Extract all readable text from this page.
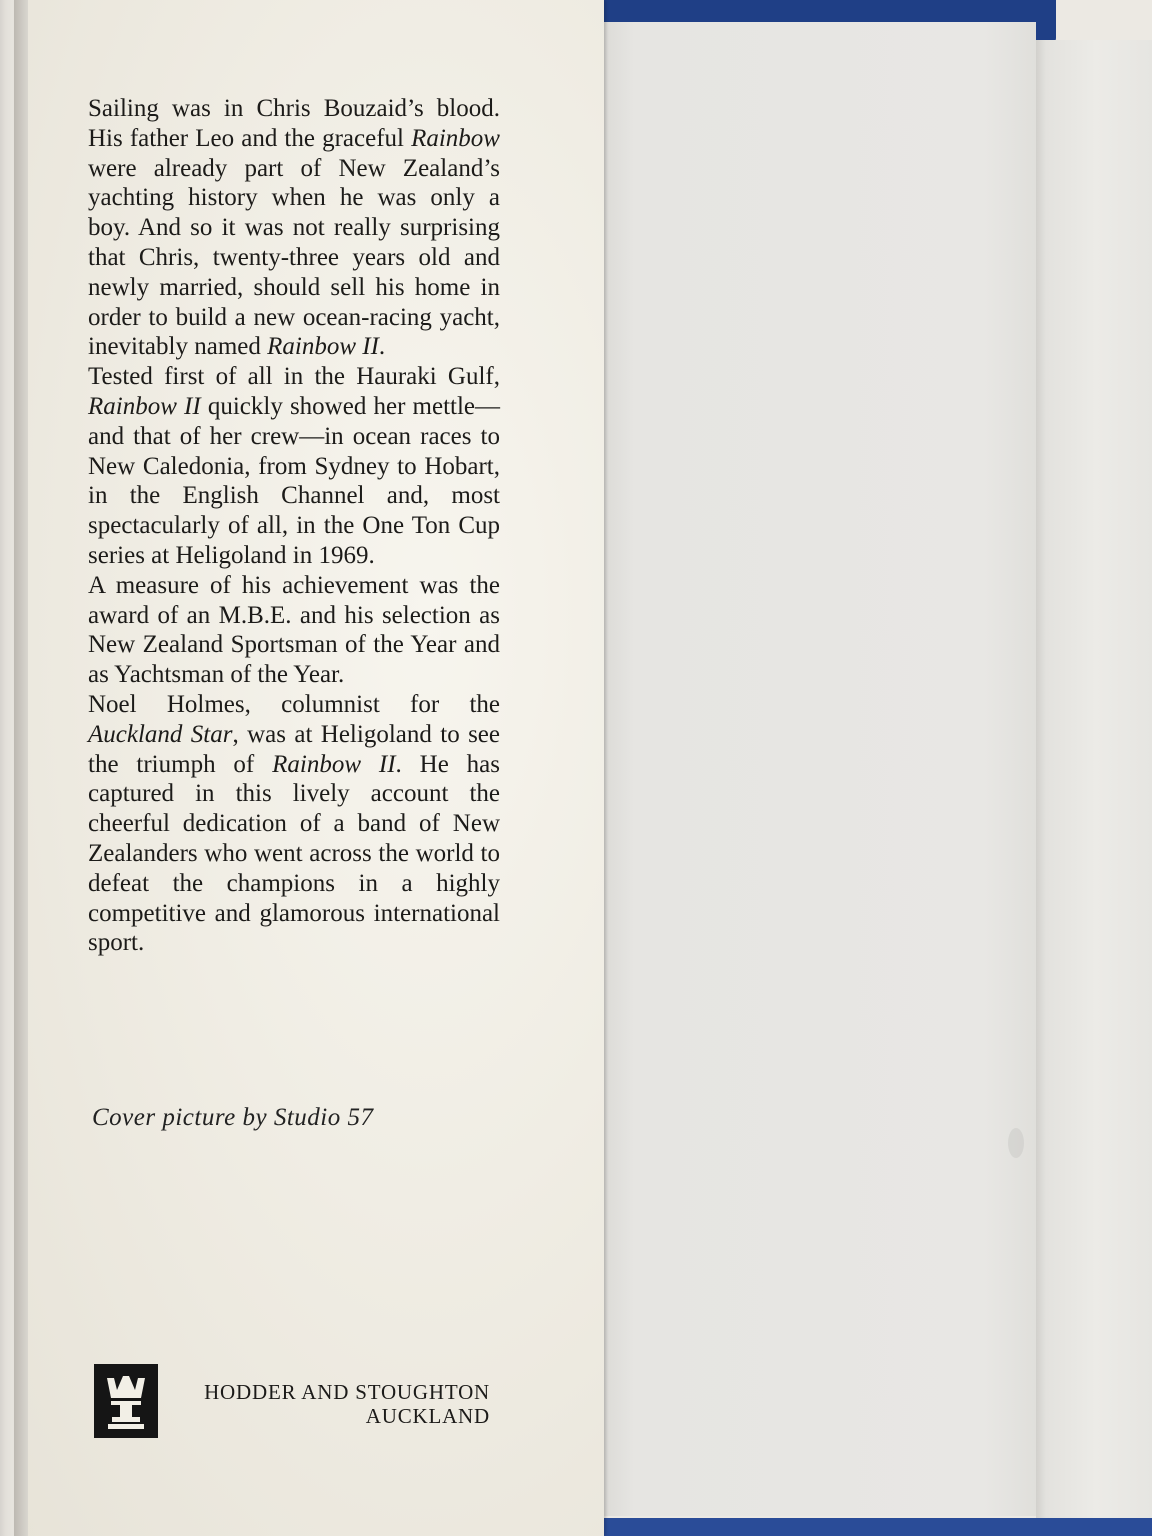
Sailing was in Chris Bouzaid’s blood. His father Leo and the graceful Rainbow were already part of New Zealand’s yachting history when he was only a boy. And so it was not really surprising that Chris, twenty-three years old and newly married, should sell his home in order to build a new ocean-racing yacht, inevitably named Rainbow II.

Tested first of all in the Hauraki Gulf, Rainbow II quickly showed her mettle—and that of her crew—in ocean races to New Caledonia, from Sydney to Hobart, in the English Channel and, most spectacularly of all, in the One Ton Cup series at Heligoland in 1969.

A measure of his achievement was the award of an M.B.E. and his selection as New Zealand Sportsman of the Year and as Yachtsman of the Year.

Noel Holmes, columnist for the Auckland Star, was at Heligoland to see the triumph of Rainbow II. He has captured in this lively account the cheerful dedication of a band of New Zealanders who went across the world to defeat the champions in a highly competitive and glamorous international sport.

Cover picture by Studio 57
HODDER AND STOUGHTON
AUCKLAND
